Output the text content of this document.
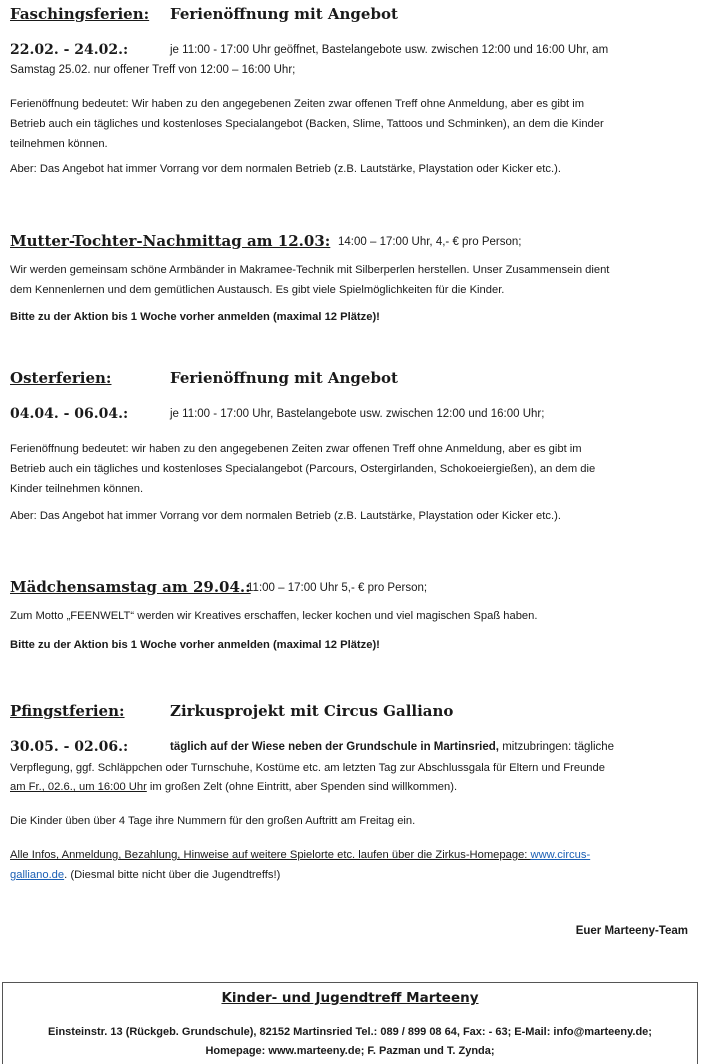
Faschingsferien: Ferienöffnung mit Angebot
22.02. - 24.02.:	je 11:00 - 17:00 Uhr geöffnet, Bastelangebote usw. zwischen 12:00 und 16:00 Uhr, am
Samstag 25.02. nur offener Treff von 12:00 – 16:00 Uhr;
Ferienöffnung bedeutet: Wir haben zu den angegebenen Zeiten zwar offenen Treff ohne Anmeldung, aber es gibt im
Betrieb auch ein tägliches und kostenloses Specialangebot (Backen, Slime, Tattoos und Schminken), an dem die Kinder
teilnehmen können.
Aber: Das Angebot hat immer Vorrang vor dem normalen Betrieb (z.B. Lautstärke, Playstation oder Kicker etc.).
Mutter-Tochter-Nachmittag am 12.03: 14:00 – 17:00 Uhr, 4,- € pro Person;
Wir werden gemeinsam schöne Armbänder in Makramee-Technik mit Silberperlen herstellen. Unser Zusammensein dient
dem Kennenlernen und dem gemütlichen Austausch. Es gibt viele Spielmöglichkeiten für die Kinder.
Bitte zu der Aktion bis 1 Woche vorher anmelden (maximal 12 Plätze)!
Osterferien:	Ferienöffnung mit Angebot
04.04. - 06.04.:	je 11:00 - 17:00 Uhr, Bastelangebote usw. zwischen 12:00 und 16:00 Uhr;
Ferienöffnung bedeutet: wir haben zu den angegebenen Zeiten zwar offenen Treff ohne Anmeldung, aber es gibt im
Betrieb auch ein tägliches und kostenloses Specialangebot (Parcours, Ostergirlanden, Schokoeiergießen), an dem die
Kinder teilnehmen können.
Aber: Das Angebot hat immer Vorrang vor dem normalen Betrieb (z.B. Lautstärke, Playstation oder Kicker etc.).
Mädchensamstag am 29.04.:
11:00 – 17:00 Uhr 5,- € pro Person;
Zum Motto „FEENWELT“ werden wir Kreatives erschaffen, lecker kochen und viel magischen Spaß haben.
Bitte zu der Aktion bis 1 Woche vorher anmelden (maximal 12 Plätze)!
Pfingstferien:	Zirkusprojekt mit Circus Galliano
30.05. - 02.06.:	täglich auf der Wiese neben der Grundschule in Martinsried, mitzubringen: tägliche
Verpflegung, ggf. Schläppchen oder Turnschuhe, Kostüme etc. am letzten Tag zur Abschlussgala für Eltern und Freunde
am Fr., 02.6., um 16:00 Uhr im großen Zelt (ohne Eintritt, aber Spenden sind willkommen).
Die Kinder üben über 4 Tage ihre Nummern für den großen Auftritt am Freitag ein.
Alle Infos, Anmeldung, Bezahlung, Hinweise auf weitere Spielorte etc. laufen über die Zirkus-Homepage: www.circus-
galliano.de. (Diesmal bitte nicht über die Jugendtreffs!)
Euer Marteeny-Team
Kinder- und Jugendtreff Marteeny
Einsteinstr. 13 (Rückgeb. Grundschule), 82152 Martinsried Tel.: 089 / 899 08 64, Fax: - 63; E-Mail: info@marteeny.de;
Homepage: www.marteeny.de; F. Pazman und T. Zynda;
